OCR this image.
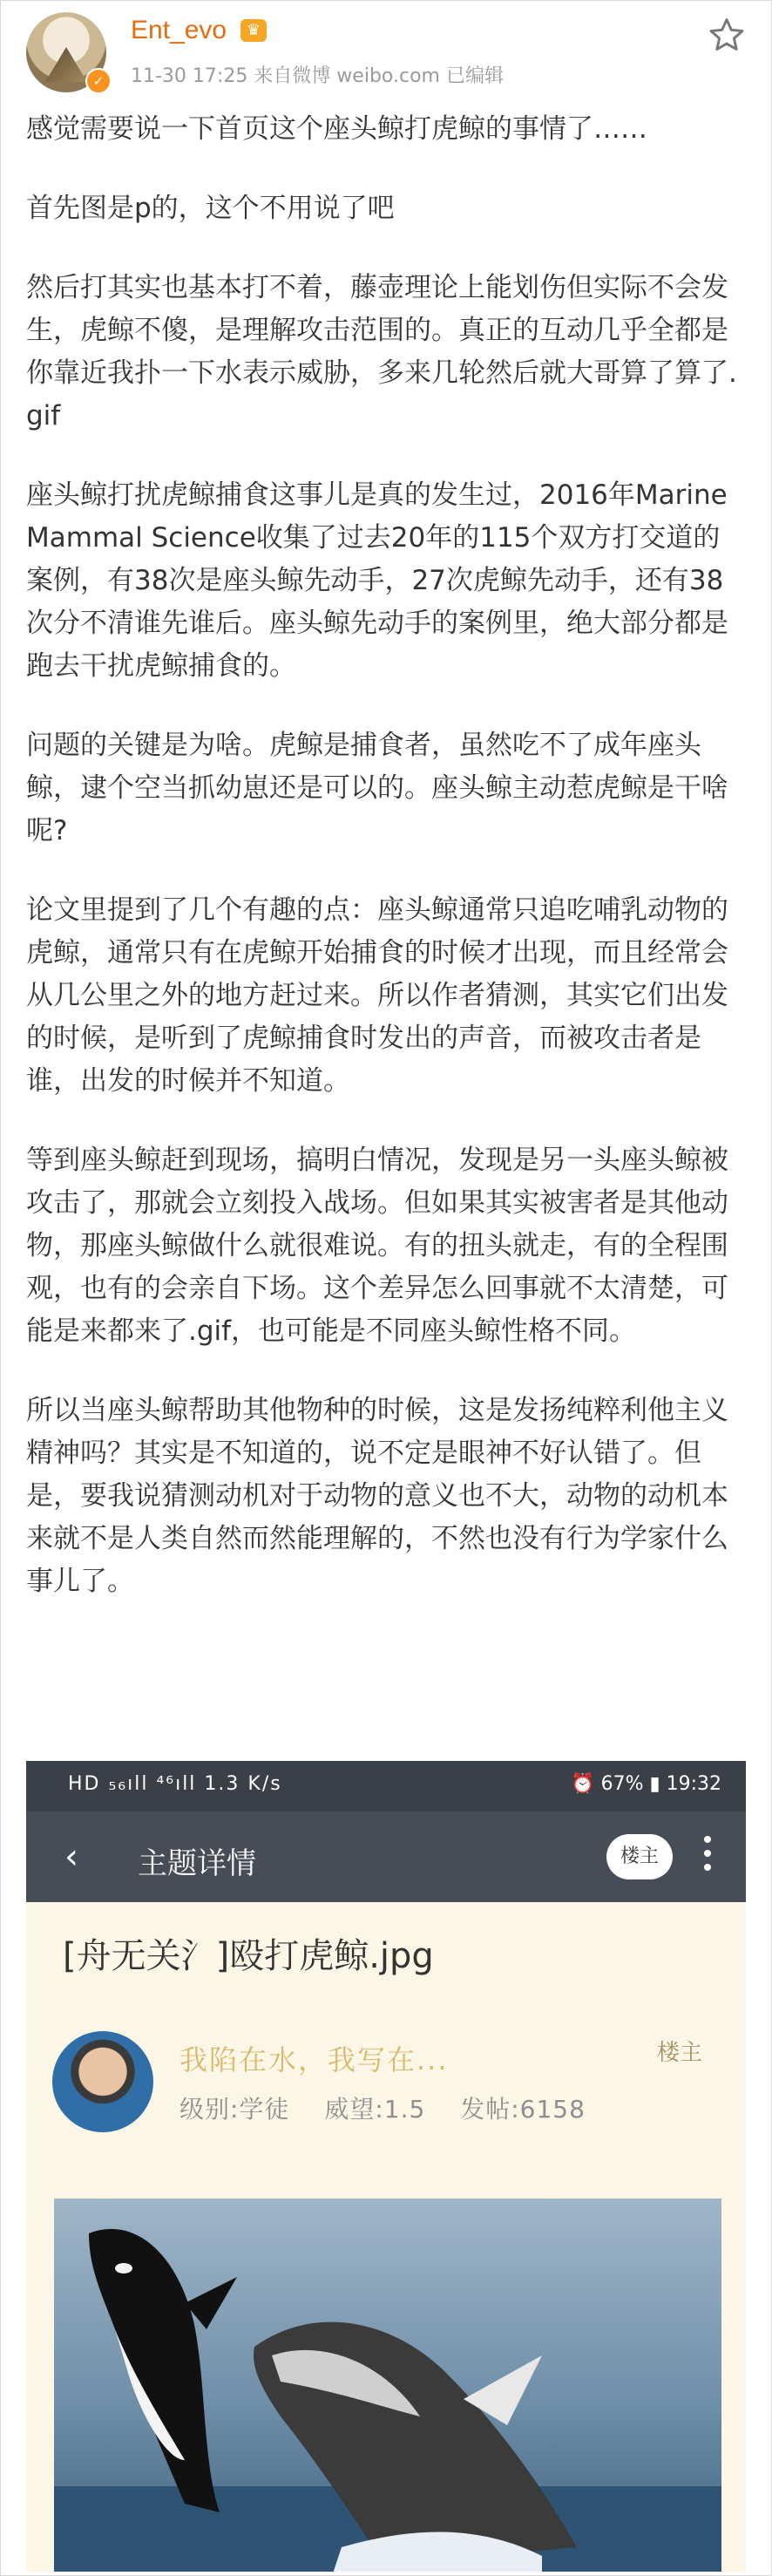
✓
Ent_evo	♛
11-30 17:25 来自微博 weibo.com 已编辑

感觉需要说一下首页这个座头鲸打虎鲸的事情了……

首先图是p的，这个不用说了吧

然后打其实也基本打不着，藤壶理论上能划伤但实际不会发生，虎鲸不傻，是理解攻击范围的。真正的互动几乎全都是你靠近我扑一下水表示威胁，多来几轮然后就大哥算了算了.gif

座头鲸打扰虎鲸捕食这事儿是真的发生过，2016年Marine Mammal Science收集了过去20年的115个双方打交道的案例，有38次是座头鲸先动手，27次虎鲸先动手，还有38次分不清谁先谁后。座头鲸先动手的案例里，绝大部分都是跑去干扰虎鲸捕食的。

问题的关键是为啥。虎鲸是捕食者，虽然吃不了成年座头鲸，逮个空当抓幼崽还是可以的。座头鲸主动惹虎鲸是干啥呢?

论文里提到了几个有趣的点：座头鲸通常只追吃哺乳动物的虎鲸，通常只有在虎鲸开始捕食的时候才出现，而且经常会从几公里之外的地方赶过来。所以作者猜测，其实它们出发的时候，是听到了虎鲸捕食时发出的声音，而被攻击者是谁，出发的时候并不知道。

等到座头鲸赶到现场，搞明白情况，发现是另一头座头鲸被攻击了，那就会立刻投入战场。但如果其实被害者是其他动物，那座头鲸做什么就很难说。有的扭头就走，有的全程围观，也有的会亲自下场。这个差异怎么回事就不太清楚，可能是来都来了.gif，也可能是不同座头鲸性格不同。

所以当座头鲸帮助其他物种的时候，这是发扬纯粹利他主义精神吗？其实是不知道的，说不定是眼神不好认错了。但是，要我说猜测动机对于动物的意义也不大，动物的动机本来就不是人类自然而然能理解的，不然也没有行为学家什么事儿了。

HD ₅₆ıll ⁴⁶ıll 1.3 K/s	⏰ 67% ▮ 19:32
‹	主题详情	楼主
[舟无关氵]殴打虎鲸.jpg
我陷在水，我写在...	楼主
级别:学徒 威望:1.5 发帖:6158
